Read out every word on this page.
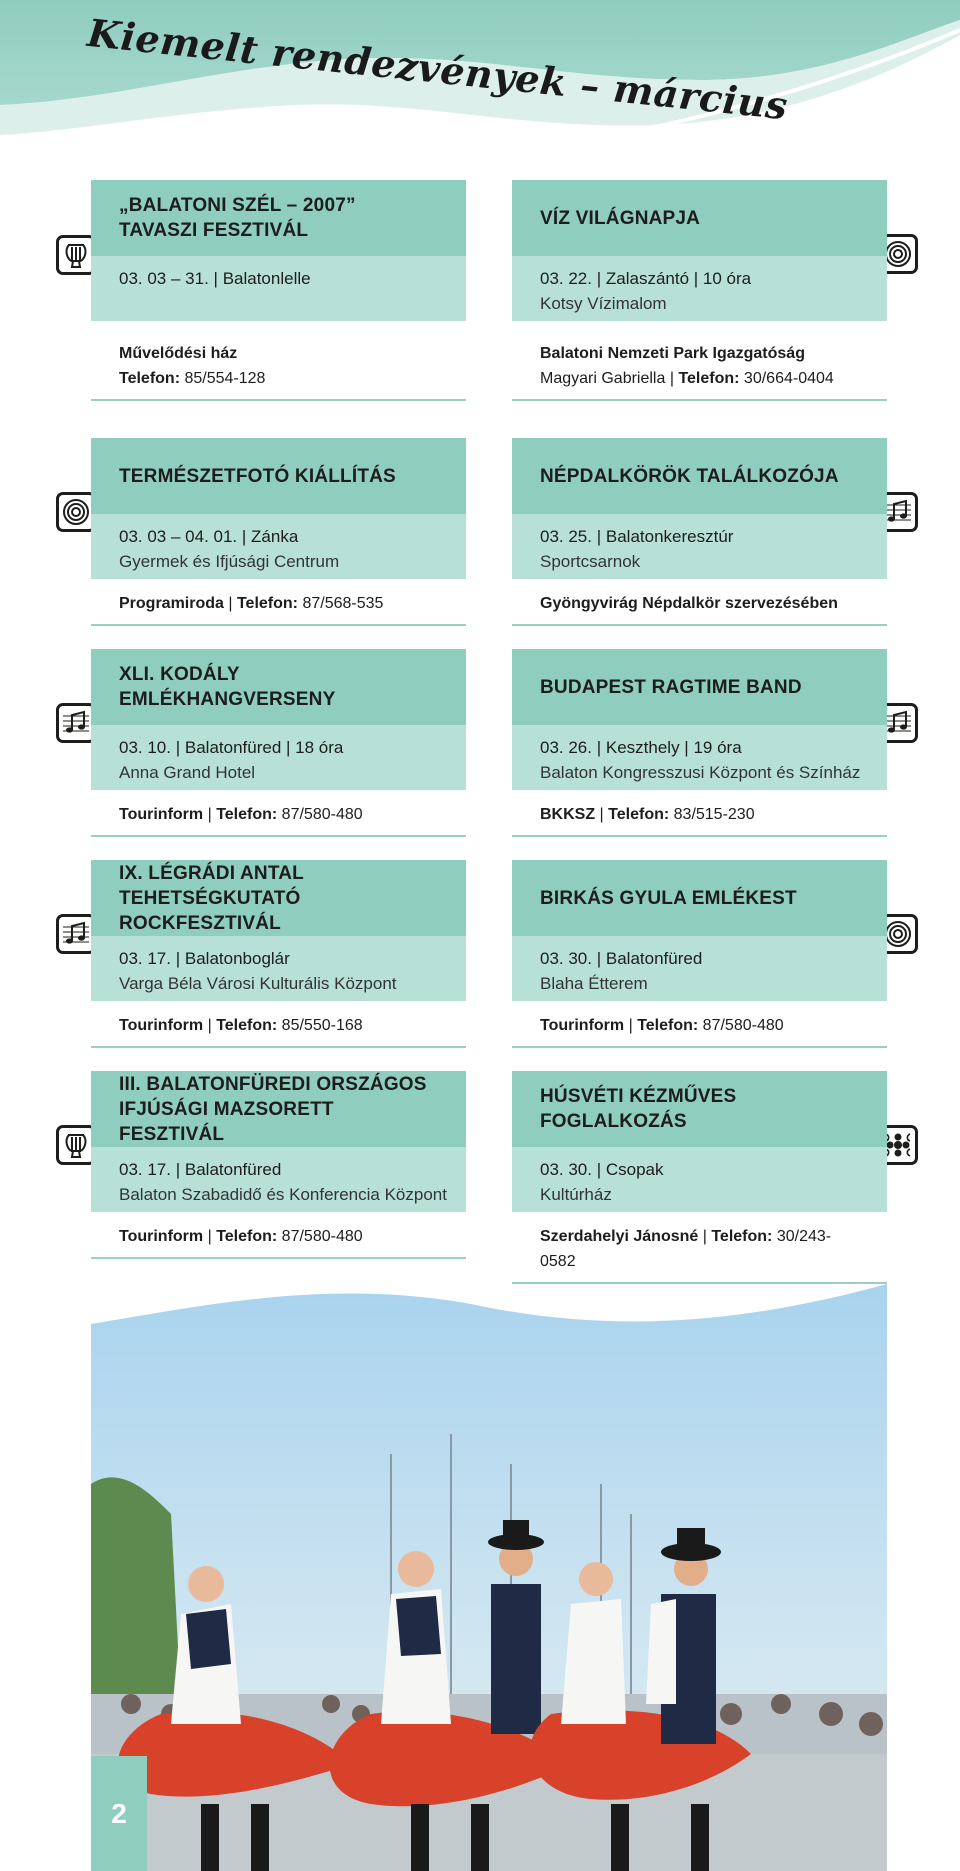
Kiemelt rendezvények – március
„BALATONI SZÉL – 2007” TAVASZI FESZTIVÁL
03. 03 – 31. | Balatonlelle
Művelődési ház
Telefon: 85/554-128
VÍZ VILÁGNAPJA
03. 22. | Zalaszántó | 10 óra
Kotsy Vízimalom
Balatoni Nemzeti Park Igazgatóság
Magyari Gabriella | Telefon: 30/664-0404
TERMÉSZETFOTÓ KIÁLLÍTÁS
03. 03 – 04. 01. | Zánka
Gyermek és Ifjúsági Centrum
Programiroda | Telefon: 87/568-535
NÉPDALKÖRÖK TALÁLKOZÓJA
03. 25. | Balatonkeresztúr
Sportcsarnok
Gyöngyvirág Népdalkör szervezésében
XLI. KODÁLY EMLÉKHANGVERSENY
03. 10. | Balatonfüred | 18 óra
Anna Grand Hotel
Tourinform | Telefon: 87/580-480
BUDAPEST RAGTIME BAND
03. 26. | Keszthely | 19 óra
Balaton Kongresszusi Központ és Színház
BKKSZ | Telefon: 83/515-230
IX. LÉGRÁDI ANTAL TEHETSÉGKUTATÓ ROCKFESZTIVÁL
03. 17. | Balatonboglár
Varga Béla Városi Kulturális Központ
Tourinform | Telefon: 85/550-168
BIRKÁS GYULA EMLÉKEST
03. 30. | Balatonfüred
Blaha Étterem
Tourinform | Telefon: 87/580-480
III. BALATONFÜREDI ORSZÁGOS IFJÚSÁGI MAZSORETT FESZTIVÁL
03. 17. | Balatonfüred
Balaton Szabadidő és Konferencia Központ
Tourinform | Telefon: 87/580-480
HÚSVÉTI KÉZMŰVES FOGLALKOZÁS
03. 30. | Csopak
Kultúrház
Szerdahelyi Jánosné | Telefon: 30/243-0582
2
